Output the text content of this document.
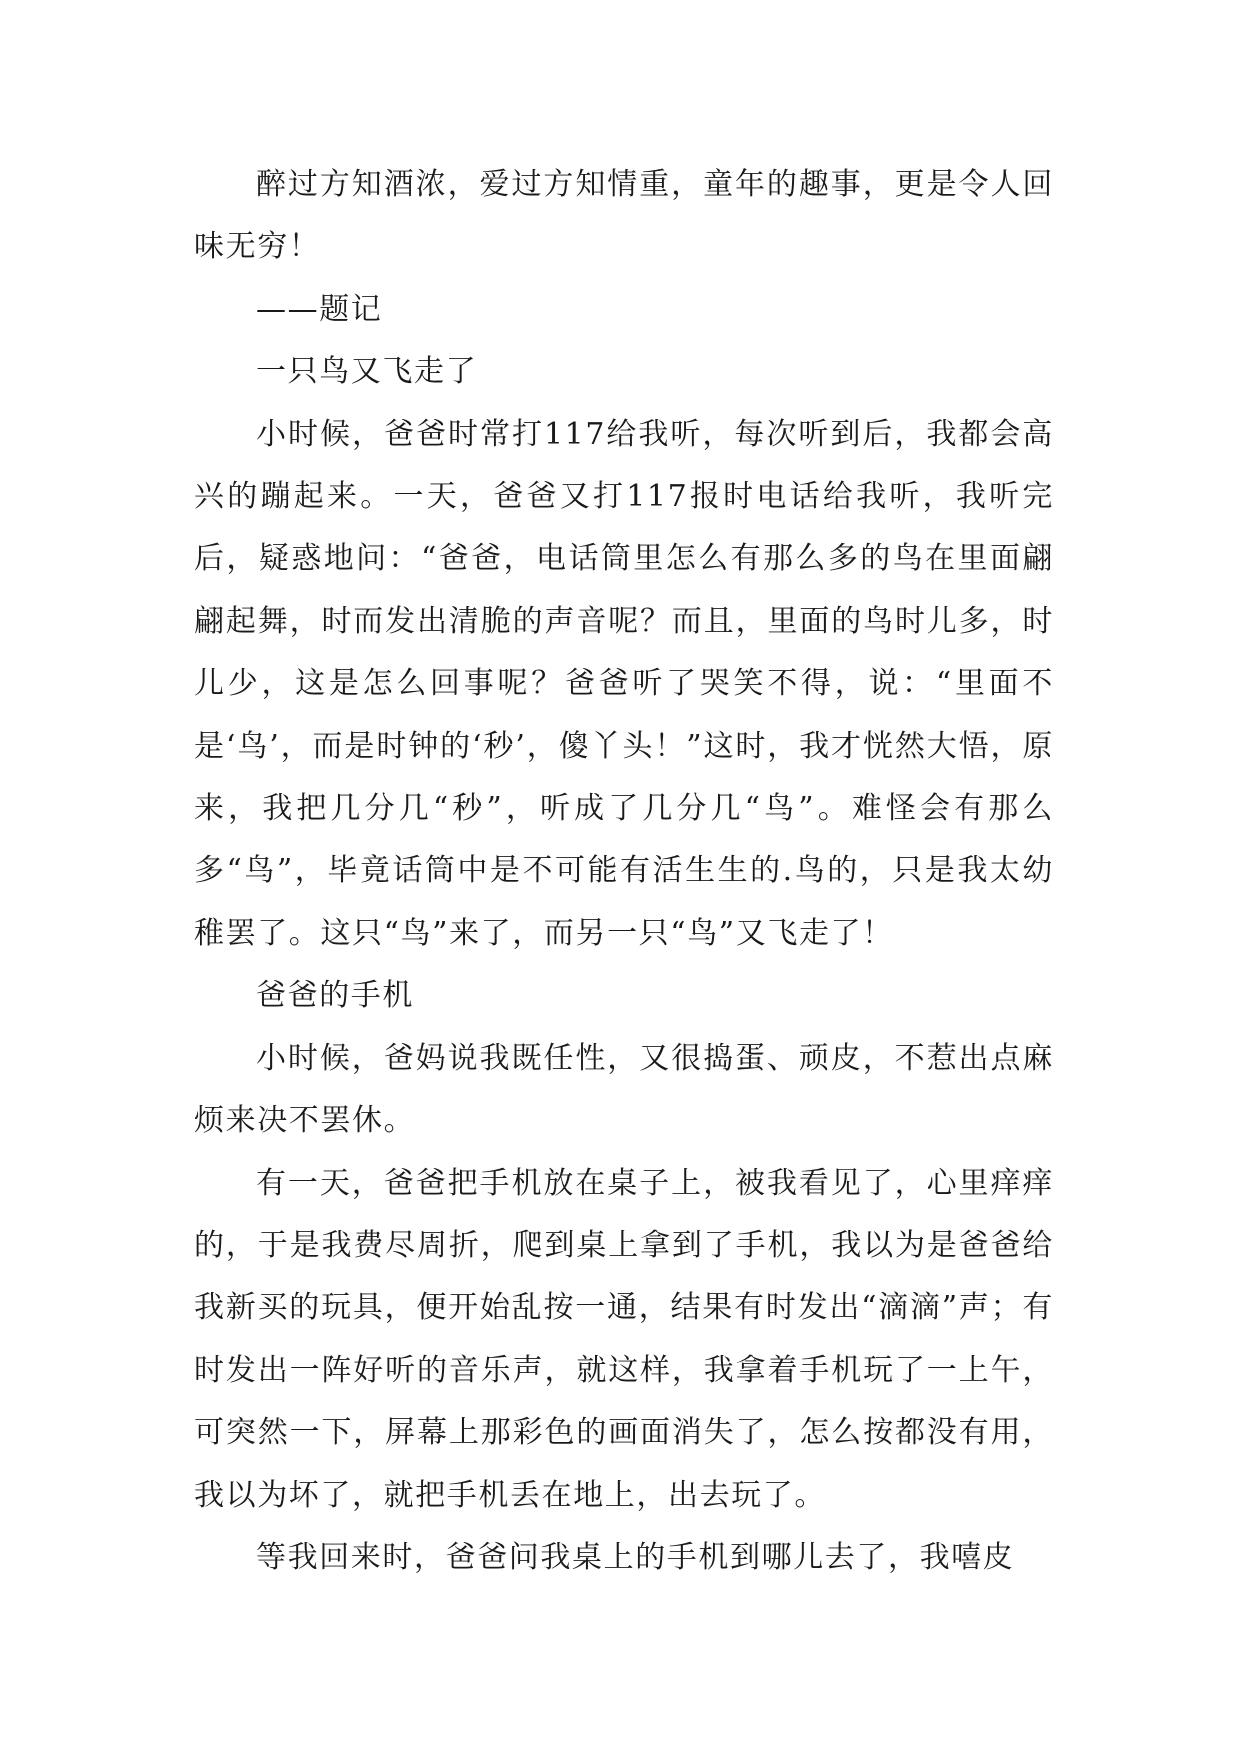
醉过方知酒浓，爱过方知情重，童年的趣事，更是令人回味无穷！

——题记

一只鸟又飞走了

小时候，爸爸时常打117给我听，每次听到后，我都会高兴的蹦起来。一天，爸爸又打117报时电话给我听，我听完后，疑惑地问：“爸爸，电话筒里怎么有那么多的鸟在里面翩翩起舞，时而发出清脆的声音呢？而且，里面的鸟时儿多，时儿少，这是怎么回事呢？爸爸听了哭笑不得，说：“里面不是‘鸟’，而是时钟的‘秒’，傻丫头！”这时，我才恍然大悟，原来，我把几分几“秒”，听成了几分几“鸟”。难怪会有那么多“鸟”，毕竟话筒中是不可能有活生生的.鸟的，只是我太幼稚罢了。这只“鸟”来了，而另一只“鸟”又飞走了！

爸爸的手机

小时候，爸妈说我既任性，又很捣蛋、顽皮，不惹出点麻烦来决不罢休。

有一天，爸爸把手机放在桌子上，被我看见了，心里痒痒的，于是我费尽周折，爬到桌上拿到了手机，我以为是爸爸给我新买的玩具，便开始乱按一通，结果有时发出“滴滴”声；有时发出一阵好听的音乐声，就这样，我拿着手机玩了一上午，可突然一下，屏幕上那彩色的画面消失了，怎么按都没有用，我以为坏了，就把手机丢在地上，出去玩了。

等我回来时，爸爸问我桌上的手机到哪儿去了，我嘻皮
